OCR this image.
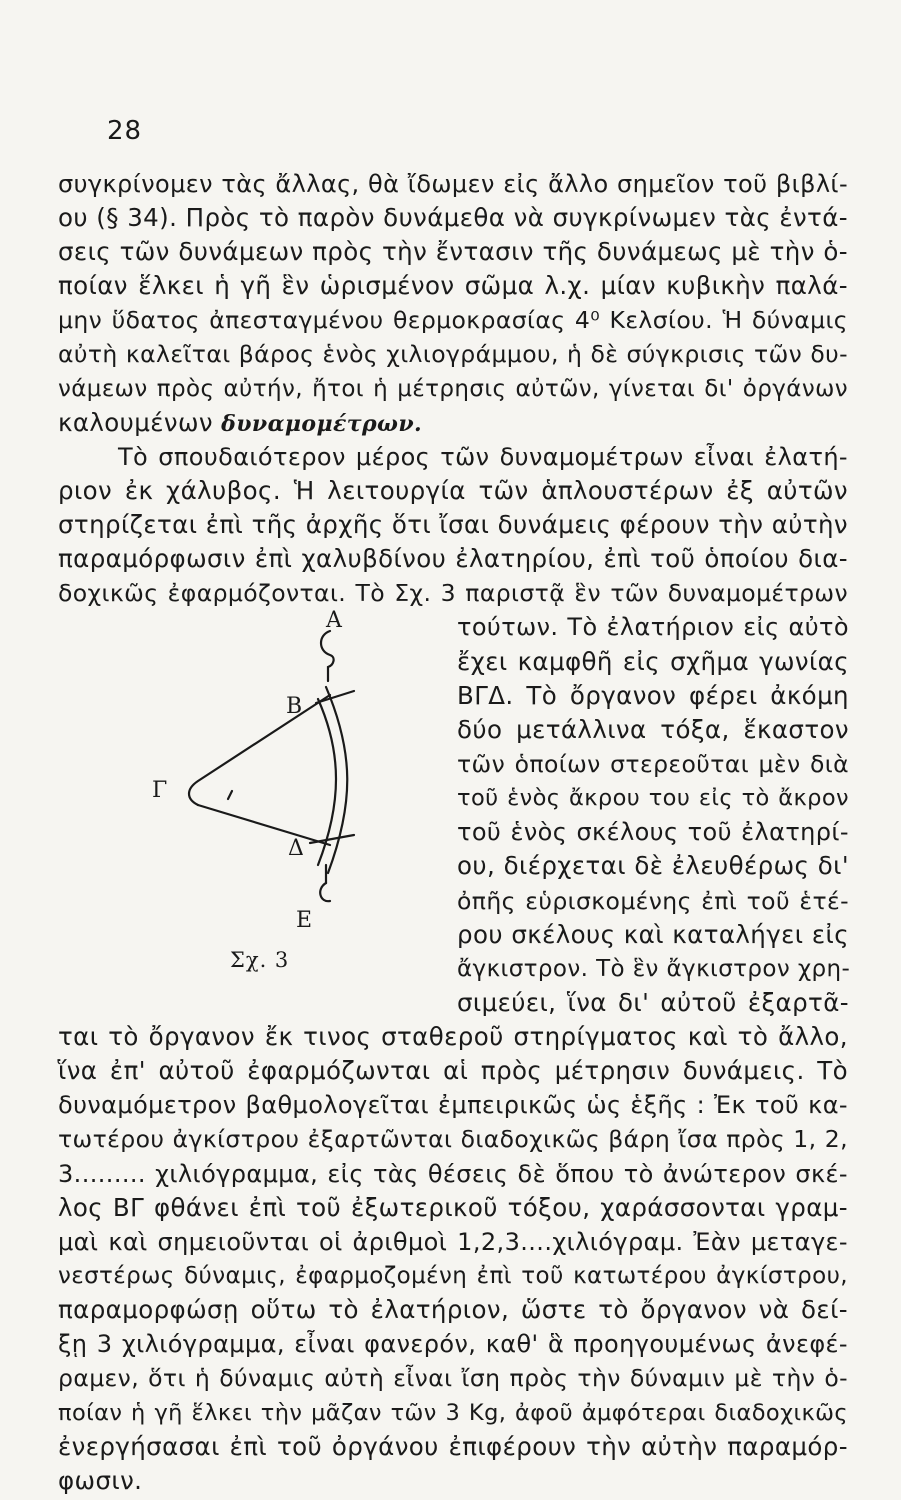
28
συγκρίνομεν τὰς ἄλλας, θὰ ἴδωμεν εἰς ἄλλο σημεῖον τοῦ βιβλί-
ου (§ 34). Πρὸς τὸ παρὸν δυνάμεθα νὰ συγκρίνωμεν τὰς ἐντά-
σεις τῶν δυνάμεων πρὸς τὴν ἔντασιν τῆς δυνάμεως μὲ τὴν ὁ-
ποίαν ἕλκει ἡ γῆ ἓν ὡρισμένον σῶμα λ.χ. μίαν κυβικὴν παλά-
μην ὕδατος ἀπεσταγμένου θερμοκρασίας 4⁰ Κελσίου. Ἡ δύναμις
αὐτὴ καλεῖται βάρος ἑνὸς χιλιογράμμου, ἡ δὲ σύγκρισις τῶν δυ-
νάμεων πρὸς αὐτήν, ἤτοι ἡ μέτρησις αὐτῶν, γίνεται δι' ὀργάνων
καλουμένων δυναμομέτρων.
Τὸ σπουδαιότερον μέρος τῶν δυναμομέτρων εἶναι ἐλατή-
ριον ἐκ χάλυβος. Ἡ λειτουργία τῶν ἁπλουστέρων ἐξ αὐτῶν
στηρίζεται ἐπὶ τῆς ἀρχῆς ὅτι ἴσαι δυνάμεις φέρουν τὴν αὐτὴν
παραμόρφωσιν ἐπὶ χαλυβδίνου ἐλατηρίου, ἐπὶ τοῦ ὁποίου δια-
δοχικῶς ἐφαρμόζονται. Τὸ Σχ. 3 παριστᾷ ἓν τῶν δυναμομέτρων
τούτων. Τὸ ἐλατήριον εἰς αὐτὸ
ἔχει καμφθῆ εἰς σχῆμα γωνίας
ΒΓΔ. Τὸ ὄργανον φέρει ἀκόμη
δύο μετάλλινα τόξα, ἕκαστον
τῶν ὁποίων στερεοῦται μὲν διὰ
τοῦ ἑνὸς ἄκρου του εἰς τὸ ἄκρον
τοῦ ἑνὸς σκέλους τοῦ ἐλατηρί-
ου, διέρχεται δὲ ἐλευθέρως δι'
ὀπῆς εὑρισκομένης ἐπὶ τοῦ ἑτέ-
ρου σκέλους καὶ καταλήγει εἰς
ἄγκιστρον. Τὸ ἓν ἄγκιστρον χρη-
σιμεύει, ἵνα δι' αὐτοῦ ἐξαρτᾶ-
ται τὸ ὄργανον ἔκ τινος σταθεροῦ στηρίγματος καὶ τὸ ἄλλο,
ἵνα ἐπ' αὐτοῦ ἐφαρμόζωνται αἱ πρὸς μέτρησιν δυνάμεις. Τὸ
δυναμόμετρον βαθμολογεῖται ἐμπειρικῶς ὡς ἑξῆς : Ἐκ τοῦ κα-
τωτέρου ἀγκίστρου ἐξαρτῶνται διαδοχικῶς βάρη ἴσα πρὸς 1, 2,
3......... χιλιόγραμμα, εἰς τὰς θέσεις δὲ ὅπου τὸ ἀνώτερον σκέ-
λος ΒΓ φθάνει ἐπὶ τοῦ ἐξωτερικοῦ τόξου, χαράσσονται γραμ-
μαὶ καὶ σημειοῦνται οἱ ἀριθμοὶ 1,2,3....χιλιόγραμ. Ἐὰν μεταγε-
νεστέρως δύναμις, ἐφαρμοζομένη ἐπὶ τοῦ κατωτέρου ἀγκίστρου,
παραμορφώσῃ οὕτω τὸ ἐλατήριον, ὥστε τὸ ὄργανον νὰ δεί-
ξῃ 3 χιλιόγραμμα, εἶναι φανερόν, καθ' ἃ προηγουμένως ἀνεφέ-
ραμεν, ὅτι ἡ δύναμις αὐτὴ εἶναι ἴση πρὸς τὴν δύναμιν μὲ τὴν ὁ-
ποίαν ἡ γῆ ἕλκει τὴν μᾶζαν τῶν 3 Kg, ἀφοῦ ἀμφότεραι διαδοχικῶς
ἐνεργήσασαι ἐπὶ τοῦ ὀργάνου ἐπιφέρουν τὴν αὐτὴν παραμόρ-
φωσιν.
Α
Β
Γ
Δ
Ε
Σχ. 3
